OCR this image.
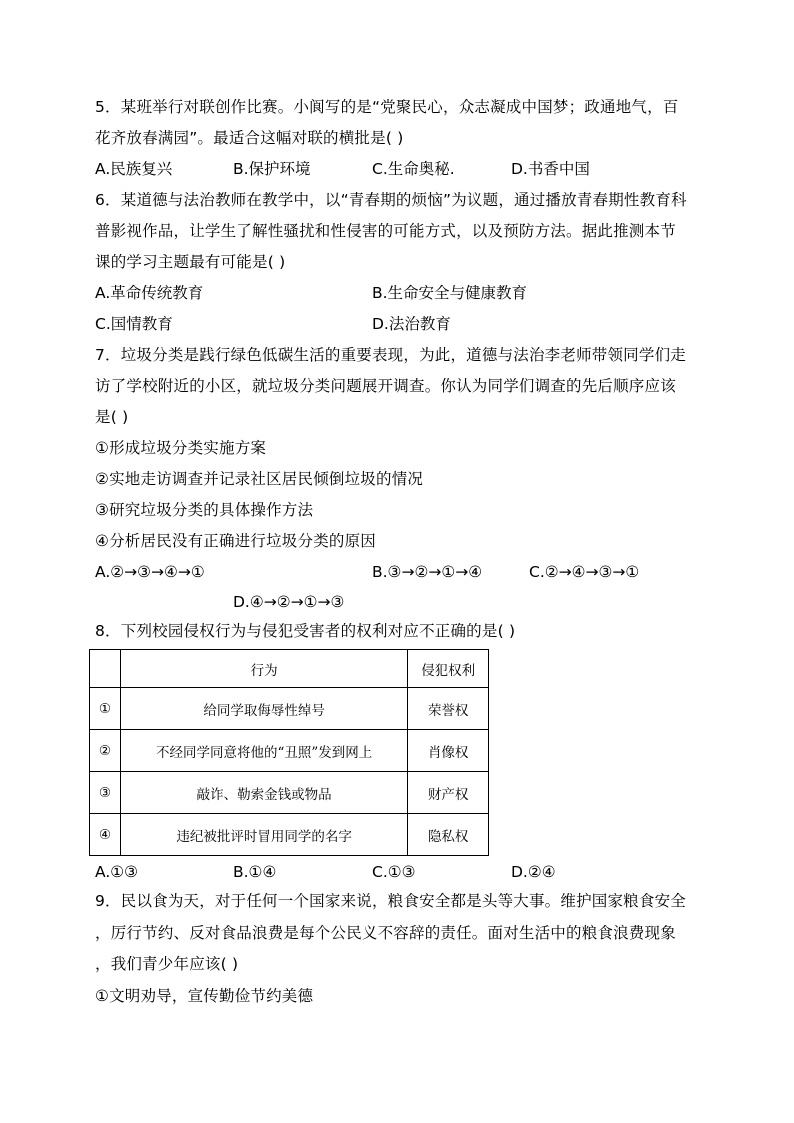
5．某班举行对联创作比赛。小阆写的是“党聚民心，众志凝成中国梦；政通地气，百
花齐放春满园”。最适合这幅对联的横批是( )
A.民族复兴	B.保护环境	C.生命奥秘.	D.书香中国
6．某道德与法治教师在教学中，以“青春期的烦恼”为议题，通过播放青春期性教育科
普影视作品，让学生了解性骚扰和性侵害的可能方式，以及预防方法。据此推测本节
课的学习主题最有可能是( )
A.革命传统教育	B.生命安全与健康教育
C.国情教育	D.法治教育
7．垃圾分类是践行绿色低碳生活的重要表现，为此，道德与法治李老师带领同学们走
访了学校附近的小区，就垃圾分类问题展开调查。你认为同学们调查的先后顺序应该
是( )
①形成垃圾分类实施方案
②实地走访调查并记录社区居民倾倒垃圾的情况
③研究垃圾分类的具体操作方法
④分析居民没有正确进行垃圾分类的原因
A.②→③→④→①	B.③→②→①→④	C.②→④→③→①
D.④→②→①→③
8．下列校园侵权行为与侵犯受害者的权利对应不正确的是( )
	行为	侵犯权利
①	给同学取侮辱性绰号	荣誉权
②	不经同学同意将他的“丑照”发到网上	肖像权
③	敲诈、勒索金钱或物品	财产权
④	违纪被批评时冒用同学的名字	隐私权
A.①③	B.①④	C.①③	D.②④
9．民以食为天，对于任何一个国家来说，粮食安全都是头等大事。维护国家粮食安全
，厉行节约、反对食品浪费是每个公民义不容辞的责任。面对生活中的粮食浪费现象
，我们青少年应该( )
①文明劝导，宣传勤俭节约美德
